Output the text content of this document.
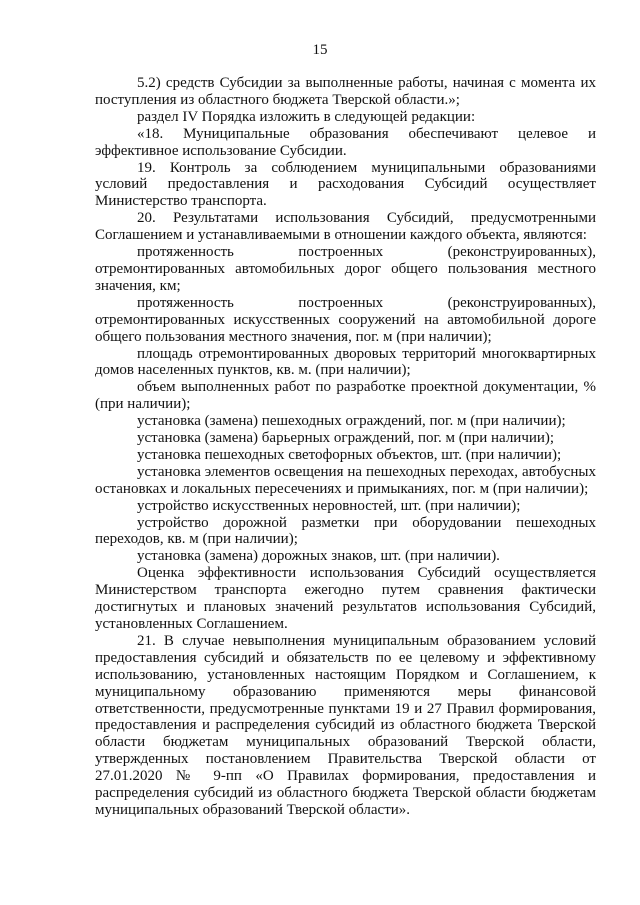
15

5.2) средств Субсидии за выполненные работы, начиная с момента их поступления из областного бюджета Тверской области.»;

раздел IV Порядка изложить в следующей редакции:

«18. Муниципальные образования обеспечивают целевое и эффективное использование Субсидии.

19. Контроль за соблюдением муниципальными образованиями условий предоставления и расходования Субсидий осуществляет Министерство транспорта.

20. Результатами использования Субсидий, предусмотренными Соглашением и устанавливаемыми в отношении каждого объекта, являются:

протяженность построенных (реконструированных), отремонтированных автомобильных дорог общего пользования местного значения, км;

протяженность построенных (реконструированных), отремонтированных искусственных сооружений на автомобильной дороге общего пользования местного значения, пог. м (при наличии);

площадь отремонтированных дворовых территорий многоквартирных домов населенных пунктов, кв. м. (при наличии);

объем выполненных работ по разработке проектной документации, % (при наличии);

установка (замена) пешеходных ограждений, пог. м (при наличии);

установка (замена) барьерных ограждений, пог. м (при наличии);

установка пешеходных светофорных объектов, шт. (при наличии);

установка элементов освещения на пешеходных переходах, автобусных остановках и локальных пересечениях и примыканиях, пог. м (при наличии);

устройство искусственных неровностей, шт. (при наличии);

устройство дорожной разметки при оборудовании пешеходных переходов, кв. м (при наличии);

установка (замена) дорожных знаков, шт. (при наличии).

Оценка эффективности использования Субсидий осуществляется Министерством транспорта ежегодно путем сравнения фактически достигнутых и плановых значений результатов использования Субсидий, установленных Соглашением.

21. В случае невыполнения муниципальным образованием условий предоставления субсидий и обязательств по ее целевому и эффективному использованию, установленных настоящим Порядком и Соглашением, к муниципальному образованию применяются меры финансовой ответственности, предусмотренные пунктами 19 и 27 Правил формирования, предоставления и распределения субсидий из областного бюджета Тверской области бюджетам муниципальных образований Тверской области, утвержденных постановлением Правительства Тверской области от 27.01.2020 № 9-пп «О Правилах формирования, предоставления и распределения субсидий из областного бюджета Тверской области бюджетам муниципальных образований Тверской области».
